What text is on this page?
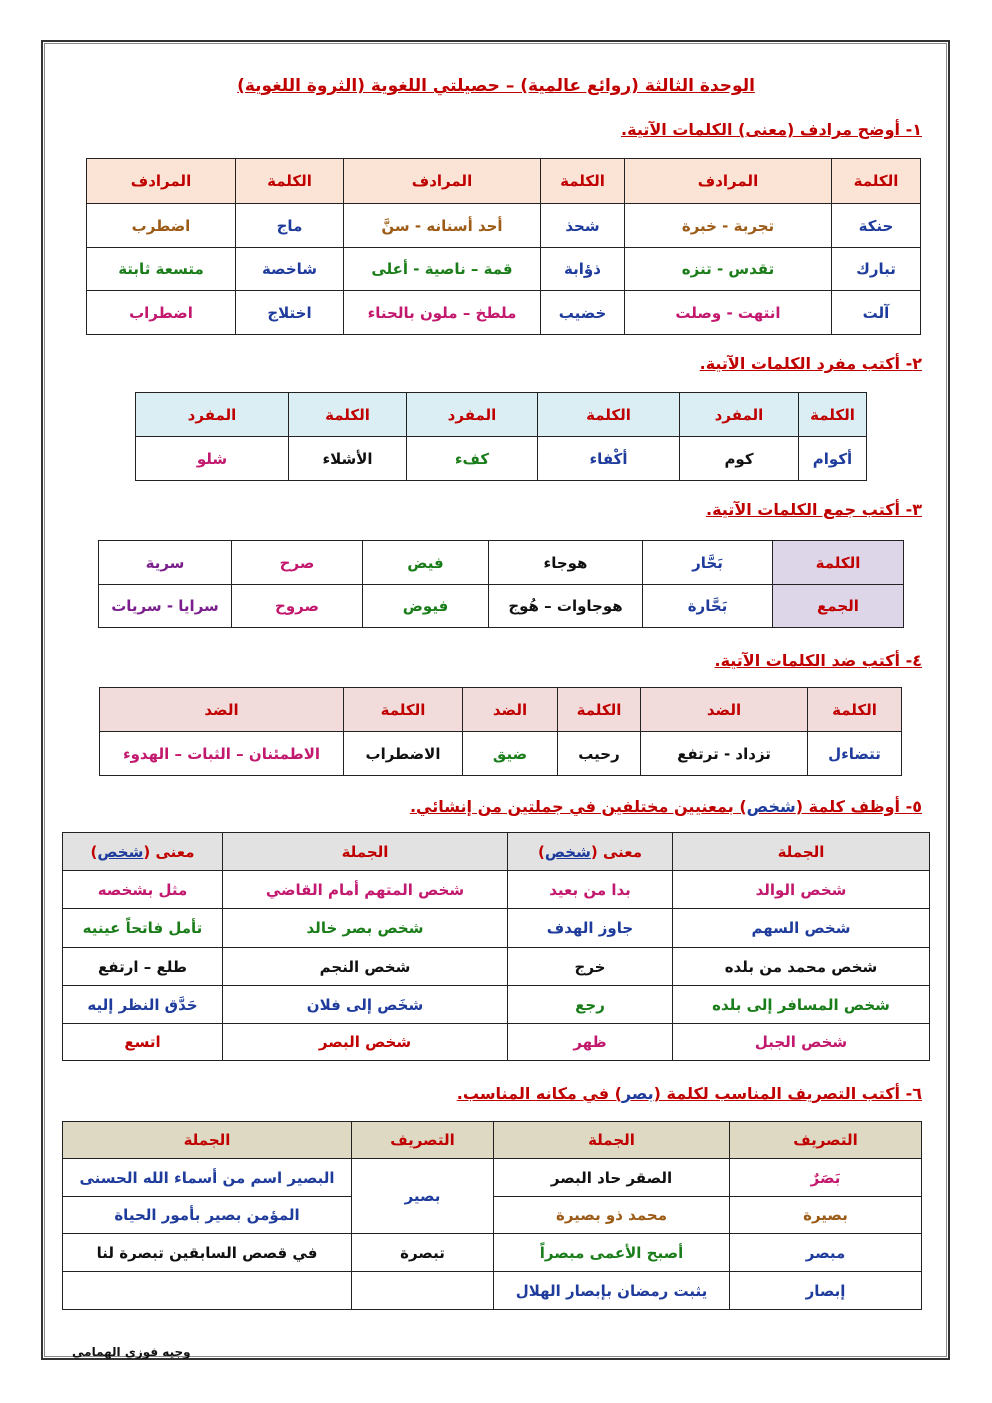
الوحدة الثالثة (روائع عالمية) – حصيلتي اللغوية (الثروة اللغوية)
١- أوضح مرادف (معنى) الكلمات الآتية.
الكلمة	المرادف	الكلمة	المرادف	الكلمة	المرادف
حنكة	تجربة - خبرة	شحذ	أحد أسنانه - سنَّ	ماج	اضطرب
تبارك	تقدس - تنزه	ذؤابة	قمة – ناصية - أعلى	شاخصة	متسعة ثابتة
آلت	انتهت - وصلت	خضيب	ملطخ – ملون بالحناء	اختلاج	اضطراب
٢- أكتب مفرد الكلمات الآتية.
الكلمة	المفرد	الكلمة	المفرد	الكلمة	المفرد
أكوام	كوم	أكْفاء	كفء	الأشلاء	شلو
٣- أكتب جمع الكلمات الآتية.
الكلمة	بَحَّار	هوجاء	فيض	صرح	سرية
الجمع	بَحَّارة	هوجاوات – هُوج	فيوض	صروح	سرايا - سريات
٤- أكتب ضد الكلمات الآتية.
الكلمة	الضد	الكلمة	الضد	الكلمة	الضد
تتضاءل	تزداد - ترتفع	رحيب	ضيق	الاضطراب	الاطمئنان – الثبات – الهدوء
٥- أوظف كلمة (شخص) بمعنيين مختلفين في جملتين من إنشائي.
الجملة	معنى (شخص)	الجملة	معنى (شخص)
شخص الوالد	بدا من بعيد	شخص المتهم أمام القاضي	مثل بشخصه
شخص السهم	جاوز الهدف	شخص بصر خالد	تأمل فاتحاً عينيه
شخص محمد من بلده	خرج	شخص النجم	طلع – ارتفع
شخص المسافر إلى بلده	رجع	شخَص إلى فلان	حَدَّق النظر إليه
شخص الجبل	ظهر	شخص البصر	اتسع
٦- أكتب التصريف المناسب لكلمة (بصر) في مكانه المناسب.
التصريف	الجملة	التصريف	الجملة
بَصَرٌ	الصقر حاد البصر	بصير	البصير اسم من أسماء الله الحسنى
بصيرة	محمد ذو بصيرة		المؤمن بصير بأمور الحياة
مبصر	أصبح الأعمى مبصراً	تبصرة	في قصص السابقين تبصرة لنا
إبصار	يثبت رمضان بإبصار الهلال		
وجيه فوزي الهمامي
